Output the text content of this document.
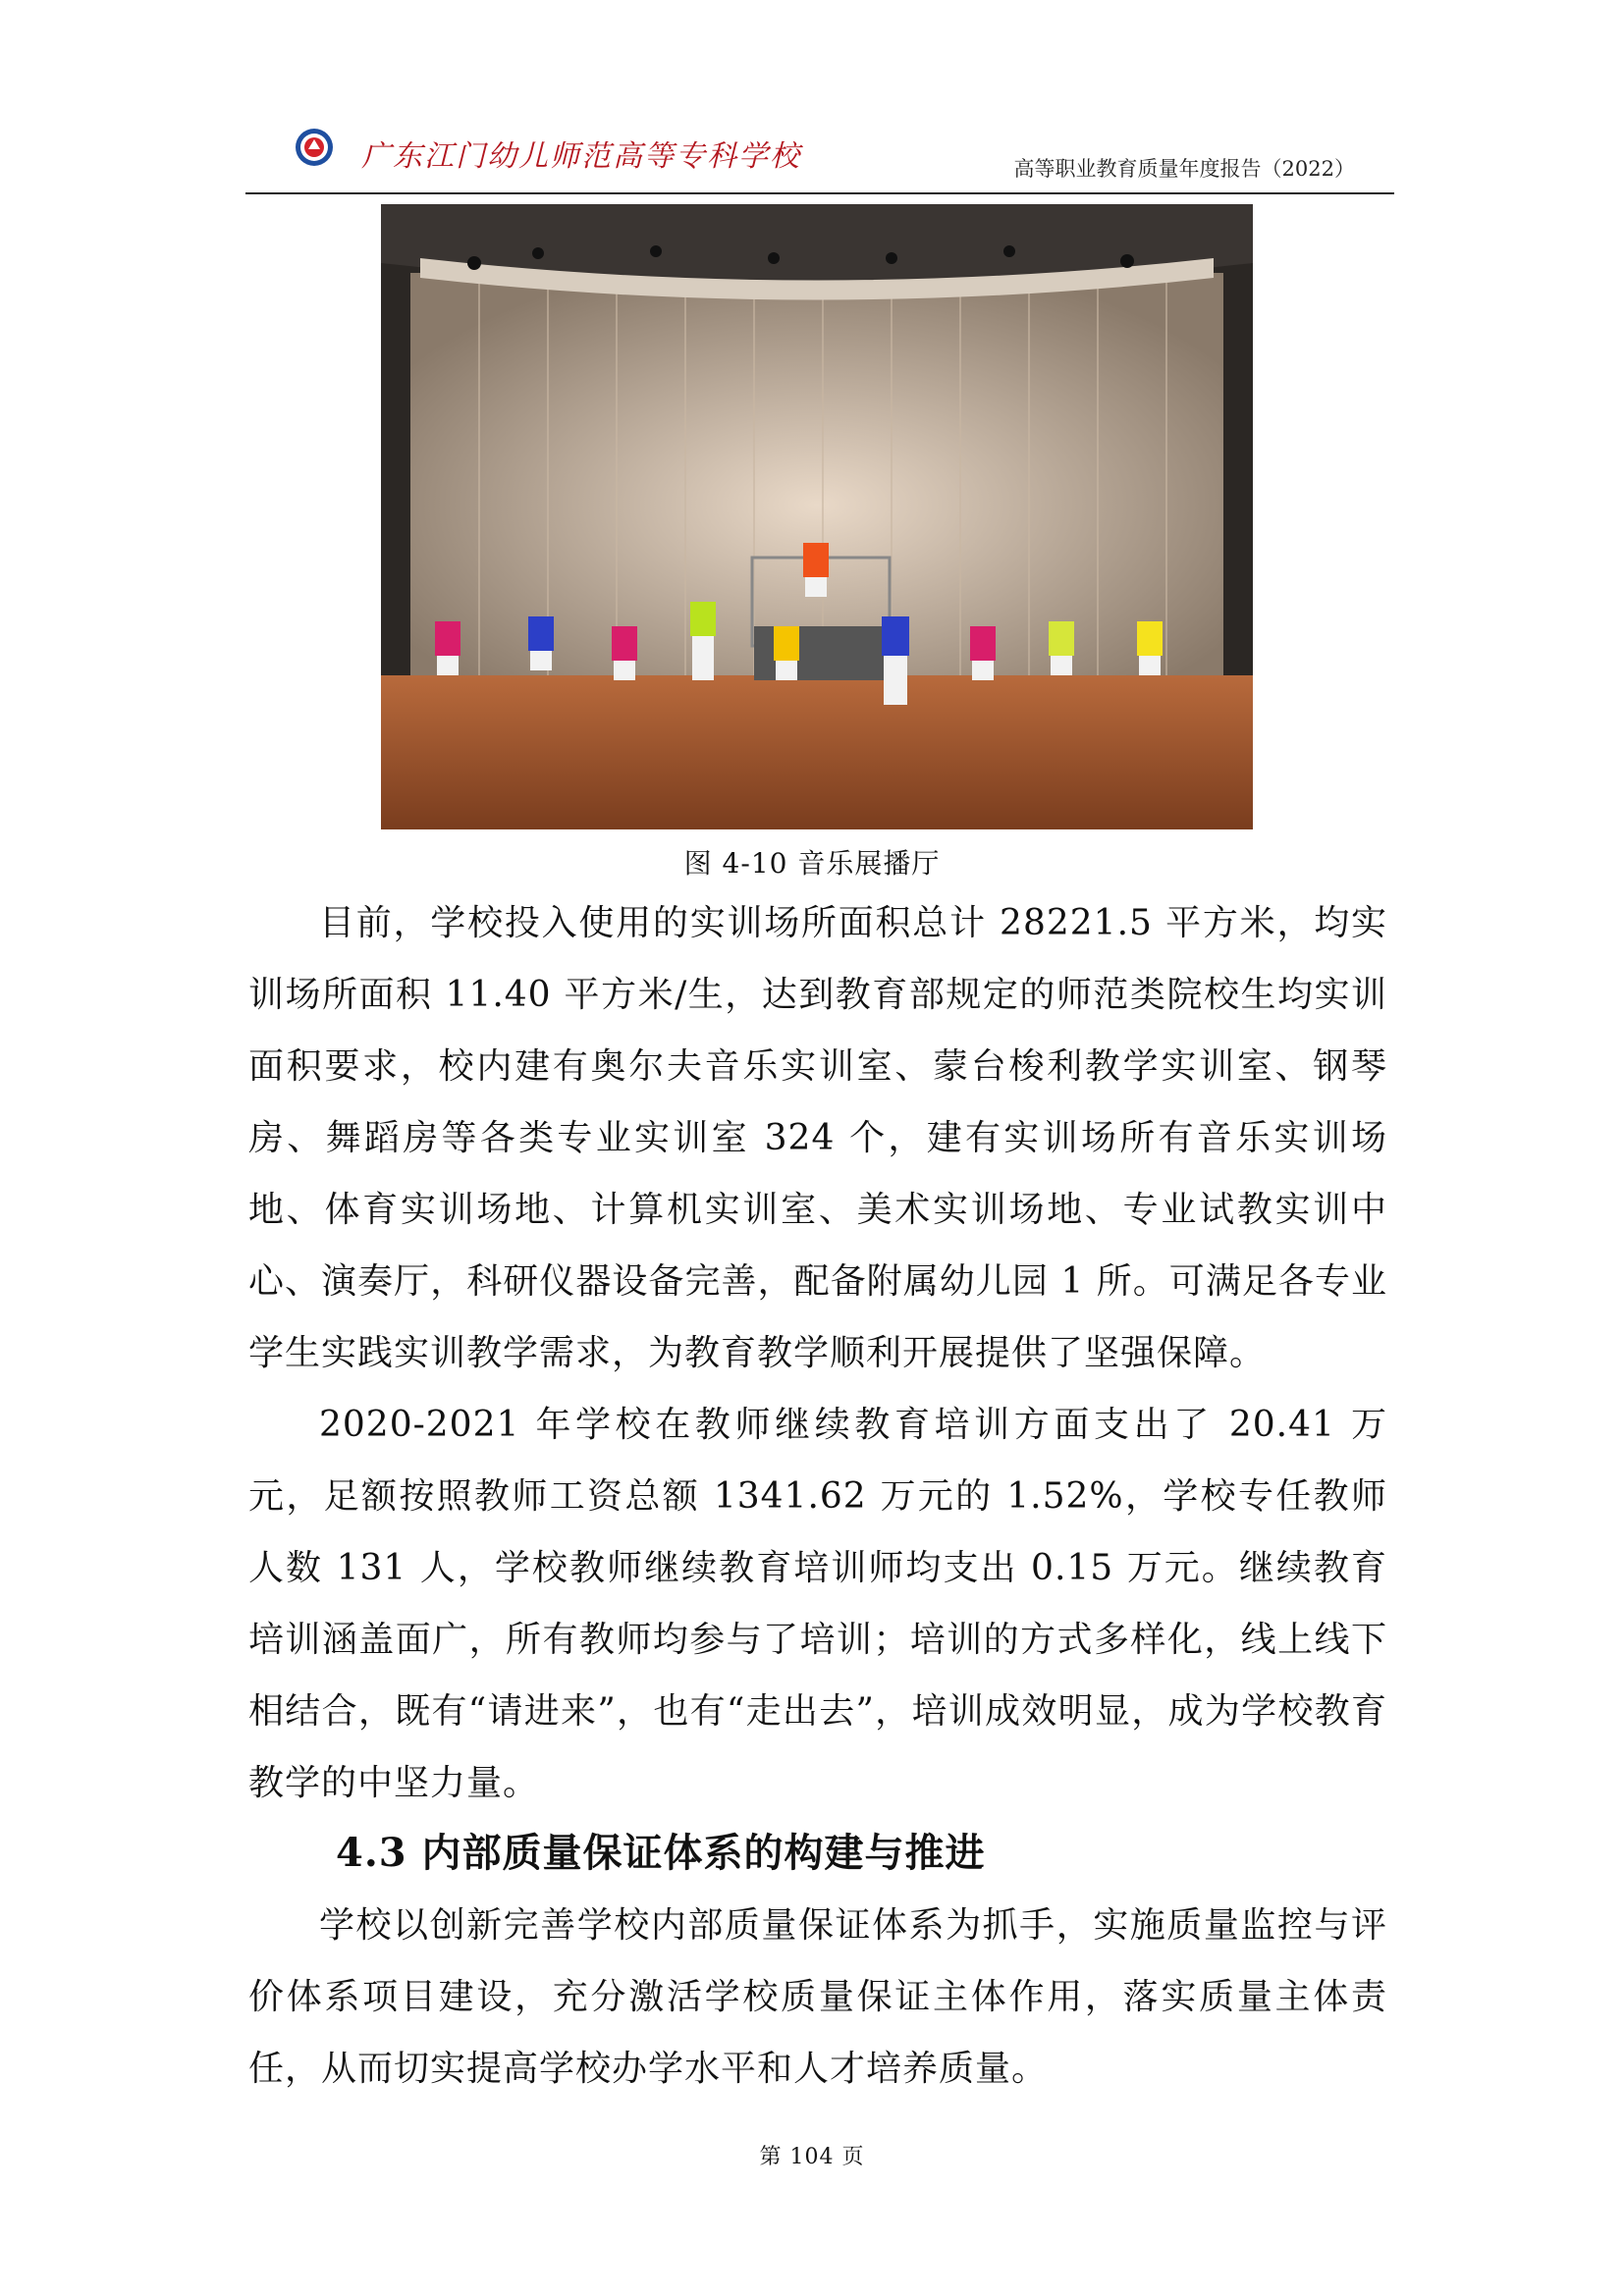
广东江门幼儿师范高等专科学校	高等职业教育质量年度报告（2022）
图 4-10 音乐展播厅

目前，学校投入使用的实训场所面积总计 28221.5 平方米，均实训场所面积 11.40 平方米/生，达到教育部规定的师范类院校生均实训面积要求，校内建有奥尔夫音乐实训室、蒙台梭利教学实训室、钢琴房、舞蹈房等各类专业实训室 324 个，建有实训场所有音乐实训场地、体育实训场地、计算机实训室、美术实训场地、专业试教实训中心、演奏厅，科研仪器设备完善，配备附属幼儿园 1 所。可满足各专业学生实践实训教学需求，为教育教学顺利开展提供了坚强保障。

2020-2021 年学校在教师继续教育培训方面支出了 20.41 万元，足额按照教师工资总额 1341.62 万元的 1.52%，学校专任教师人数 131 人，学校教师继续教育培训师均支出 0.15 万元。继续教育培训涵盖面广，所有教师均参与了培训；培训的方式多样化，线上线下相结合，既有“请进来”，也有“走出去”，培训成效明显，成为学校教育教学的中坚力量。

4.3 内部质量保证体系的构建与推进

学校以创新完善学校内部质量保证体系为抓手，实施质量监控与评价体系项目建设，充分激活学校质量保证主体作用，落实质量主体责任，从而切实提高学校办学水平和人才培养质量。

第 104 页
